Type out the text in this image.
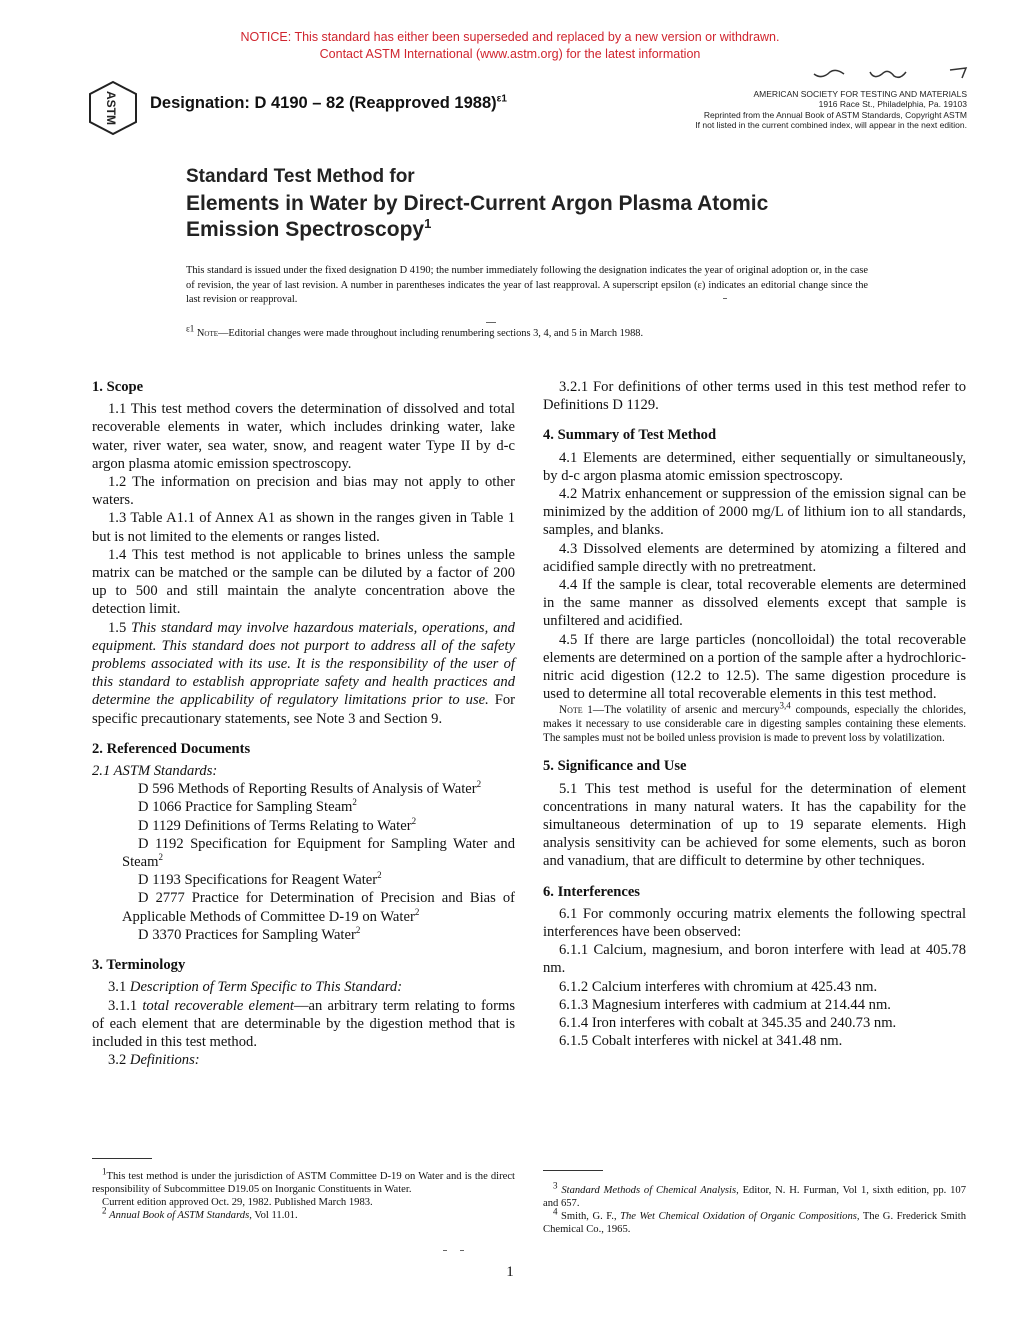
NOTICE: This standard has either been superseded and replaced by a new version or withdrawn.
Contact ASTM International (www.astm.org) for the latest information
ASTM Designation: D 4190 – 82 (Reapproved 1988)$^{\varepsilon 1}$	AMERICAN SOCIETY FOR TESTING AND MATERIALS
1916 Race St., Philadelphia, Pa. 19103
Reprinted from the Annual Book of ASTM Standards, Copyright ASTM
If not listed in the current combined index, will appear in the next edition.
Standard Test Method for
Elements in Water by Direct-Current Argon Plasma Atomic
Emission Spectroscopy$^1$
This standard is issued under the fixed designation D 4190; the number immediately following the designation indicates the year of original adoption or, in the case of revision, the year of last revision. A number in parentheses indicates the year of last reapproval. A superscript epsilon (ε) indicates an editorial change since the last revision or reapproval.
$^{\varepsilon 1}$ Note—Editorial changes were made throughout including renumbering sections 3, 4, and 5 in March 1988.
1. Scope

1.1 This test method covers the determination of dissolved and total recoverable elements in water, which includes drinking water, lake water, river water, sea water, snow, and reagent water Type II by d-c argon plasma atomic emission spectroscopy.

1.2 The information on precision and bias may not apply to other waters.

1.3 Table A1.1 of Annex A1 as shown in the ranges given in Table 1 but is not limited to the elements or ranges listed.

1.4 This test method is not applicable to brines unless the sample matrix can be matched or the sample can be diluted by a factor of 200 up to 500 and still maintain the analyte concentration above the detection limit.

1.5 This standard may involve hazardous materials, operations, and equipment. This standard does not purport to address all of the safety problems associated with its use. It is the responsibility of the user of this standard to establish appropriate safety and health practices and determine the applicability of regulatory limitations prior to use. For specific precautionary statements, see Note 3 and Section 9.

2. Referenced Documents

2.1 ASTM Standards:

D 596 Methods of Reporting Results of Analysis of Water$^2$

D 1066 Practice for Sampling Steam$^2$

D 1129 Definitions of Terms Relating to Water$^2$

D 1192 Specification for Equipment for Sampling Water and Steam$^2$

D 1193 Specifications for Reagent Water$^2$

D 2777 Practice for Determination of Precision and Bias of Applicable Methods of Committee D-19 on Water$^2$

D 3370 Practices for Sampling Water$^2$

3. Terminology

3.1 Description of Term Specific to This Standard:

3.1.1 total recoverable element—an arbitrary term relating to forms of each element that are determinable by the digestion method that is included in this test method.

3.2 Definitions:

3.2.1 For definitions of other terms used in this test method refer to Definitions D 1129.

4. Summary of Test Method

4.1 Elements are determined, either sequentially or simultaneously, by d-c argon plasma atomic emission spectroscopy.

4.2 Matrix enhancement or suppression of the emission signal can be minimized by the addition of 2000 mg/L of lithium ion to all standards, samples, and blanks.

4.3 Dissolved elements are determined by atomizing a filtered and acidified sample directly with no pretreatment.

4.4 If the sample is clear, total recoverable elements are determined in the same manner as dissolved elements except that sample is unfiltered and acidified.

4.5 If there are large particles (noncolloidal) the total recoverable elements are determined on a portion of the sample after a hydrochloric-nitric acid digestion (12.2 to 12.5). The same digestion procedure is used to determine all total recoverable elements in this test method.

Note 1—The volatility of arsenic and mercury$^{3,4}$ compounds, especially the chlorides, makes it necessary to use considerable care in digesting samples containing these elements. The samples must not be boiled unless provision is made to prevent loss by volatilization.

5. Significance and Use

5.1 This test method is useful for the determination of element concentrations in many natural waters. It has the capability for the simultaneous determination of up to 19 separate elements. High analysis sensitivity can be achieved for some elements, such as boron and vanadium, that are difficult to determine by other techniques.

6. Interferences

6.1 For commonly occuring matrix elements the following spectral interferences have been observed:

6.1.1 Calcium, magnesium, and boron interfere with lead at 405.78 nm.

6.1.2 Calcium interferes with chromium at 425.43 nm.

6.1.3 Magnesium interferes with cadmium at 214.44 nm.

6.1.4 Iron interferes with cobalt at 345.35 and 240.73 nm.

6.1.5 Cobalt interferes with nickel at 341.48 nm.

$^1$This test method is under the jurisdiction of ASTM Committee D-19 on Water and is the direct responsibility of Subcommittee D19.05 on Inorganic Constituents in Water.

Current edition approved Oct. 29, 1982. Published March 1983.

$^2$ Annual Book of ASTM Standards, Vol 11.01.

$^3$ Standard Methods of Chemical Analysis, Editor, N. H. Furman, Vol 1, sixth edition, pp. 107 and 657.

$^4$ Smith, G. F., The Wet Chemical Oxidation of Organic Compositions, The G. Frederick Smith Chemical Co., 1965.

1
